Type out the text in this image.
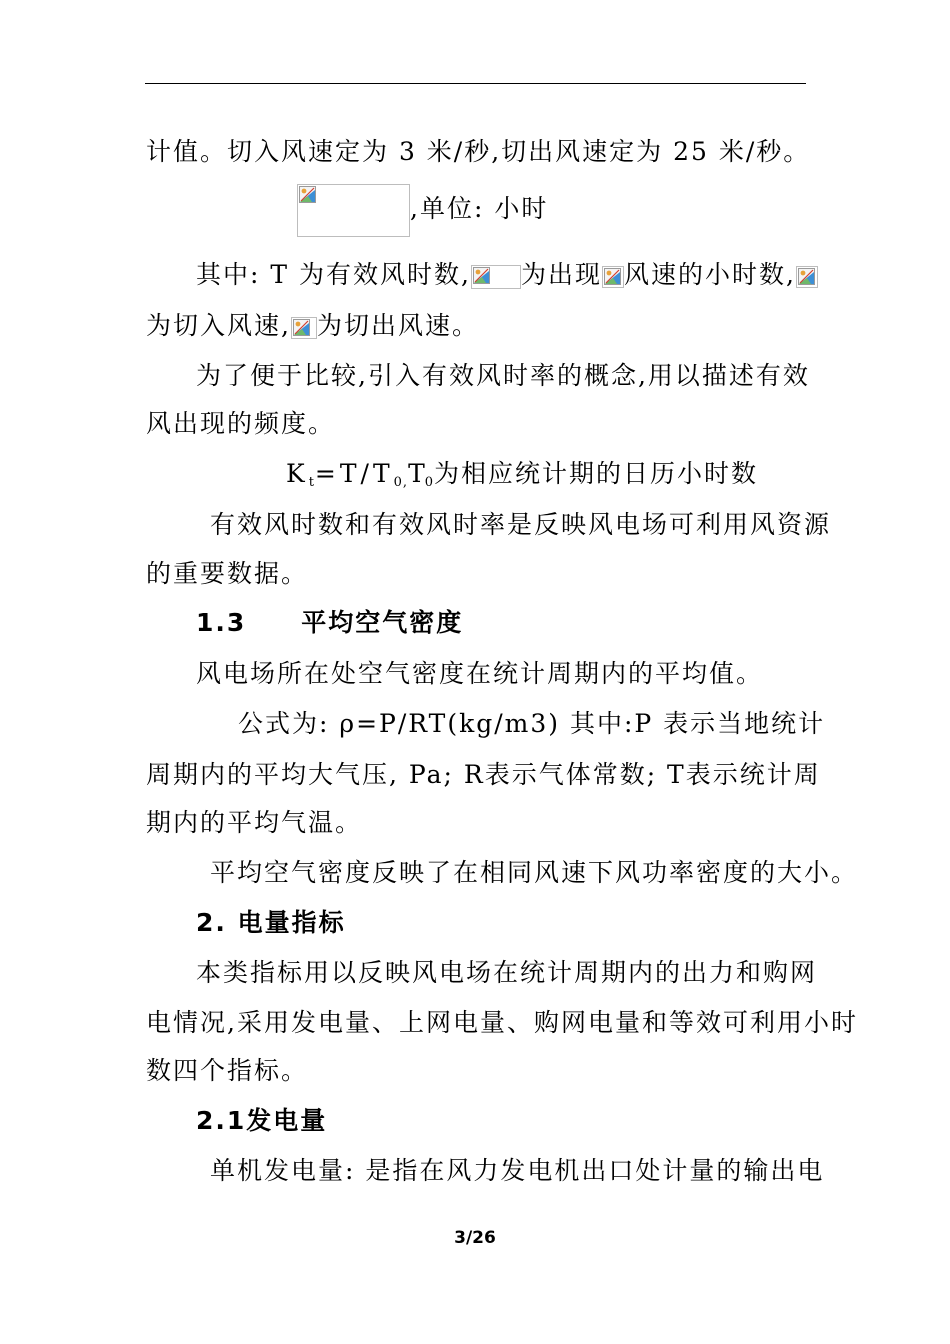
计值。切入风速定为 3 米/秒,切出风速定为 25 米/秒。
,单位: 小时
其中: T 为有效风时数, 为出现 风速的小时数,
为切入风速, 为切出风速。
为了便于比较,引入有效风时率的概念,用以描述有效
风出现的频度。
$K_t=T/T_{0,}T_0$为相应统计期的日历小时数
有效风时数和有效风时率是反映风电场可利用风资源
的重要数据。
1.3 平均空气密度
风电场所在处空气密度在统计周期内的平均值。
公式为: ρ=P/RT(kg/m3) 其中:P 表示当地统计
周期内的平均大气压, Pa; R表示气体常数; T表示统计周
期内的平均气温。
平均空气密度反映了在相同风速下风功率密度的大小。
2. 电量指标
本类指标用以反映风电场在统计周期内的出力和购网
电情况,采用发电量、上网电量、购网电量和等效可利用小时
数四个指标。
2.1发电量
单机发电量: 是指在风力发电机出口处计量的输出电
3/26
